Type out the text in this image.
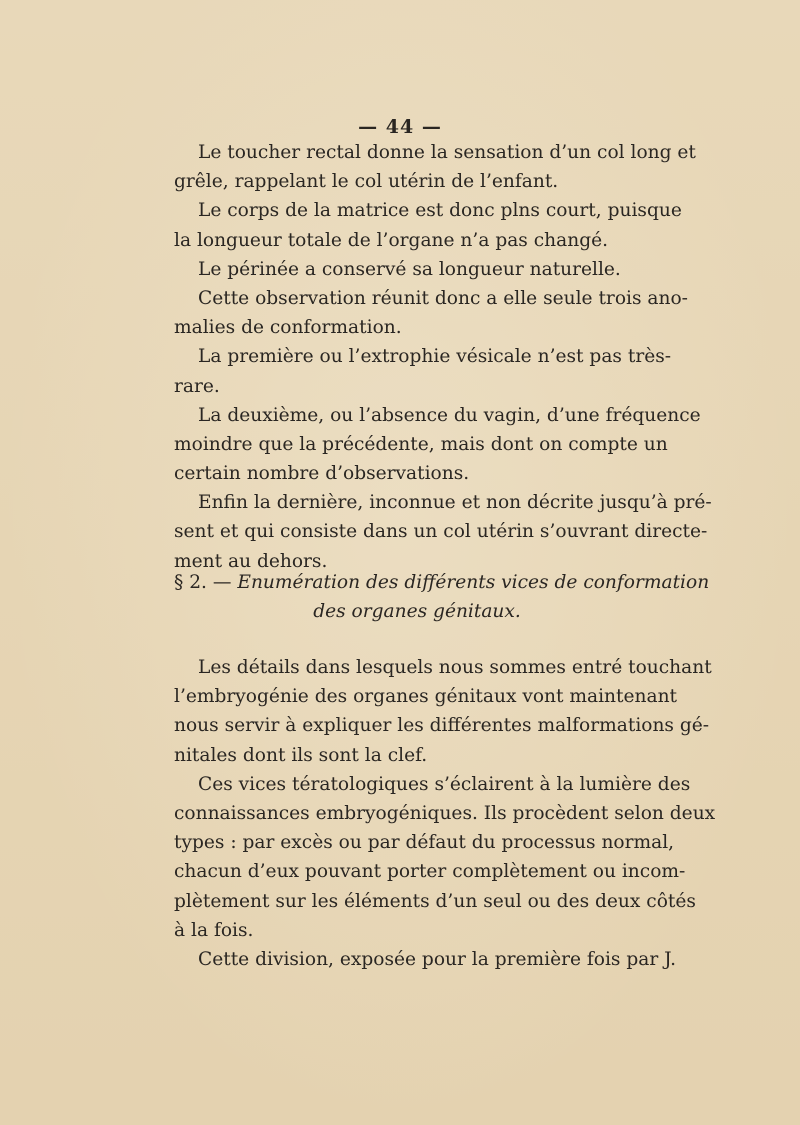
— 44 —
Le toucher rectal donne la sensation d’un col long et
grêle, rappelant le col utérin de l’enfant.
Le corps de la matrice est donc plns court, puisque
la longueur totale de l’organe n’a pas changé.
Le périnée a conservé sa longueur naturelle.
Cette observation réunit donc a elle seule trois ano-
malies de conformation.
La première ou l’extrophie vésicale n’est pas très-
rare.
La deuxième, ou l’absence du vagin, d’une fréquence
moindre que la précédente, mais dont on compte un
certain nombre d’observations.
Enfin la dernière, inconnue et non décrite jusqu’à pré-
sent et qui consiste dans un col utérin s’ouvrant directe-
ment au dehors.
§ 2. — Enumération des différents vices de conformation
des organes génitaux.
Les détails dans lesquels nous sommes entré touchant
l’embryogénie des organes génitaux vont maintenant
nous servir à expliquer les différentes malformations gé-
nitales dont ils sont la clef.
Ces vices tératologiques s’éclairent à la lumière des
connaissances embryogéniques. Ils procèdent selon deux
types : par excès ou par défaut du processus normal,
chacun d’eux pouvant porter complètement ou incom-
plètement sur les éléments d’un seul ou des deux côtés
à la fois.
Cette division, exposée pour la première fois par J.
